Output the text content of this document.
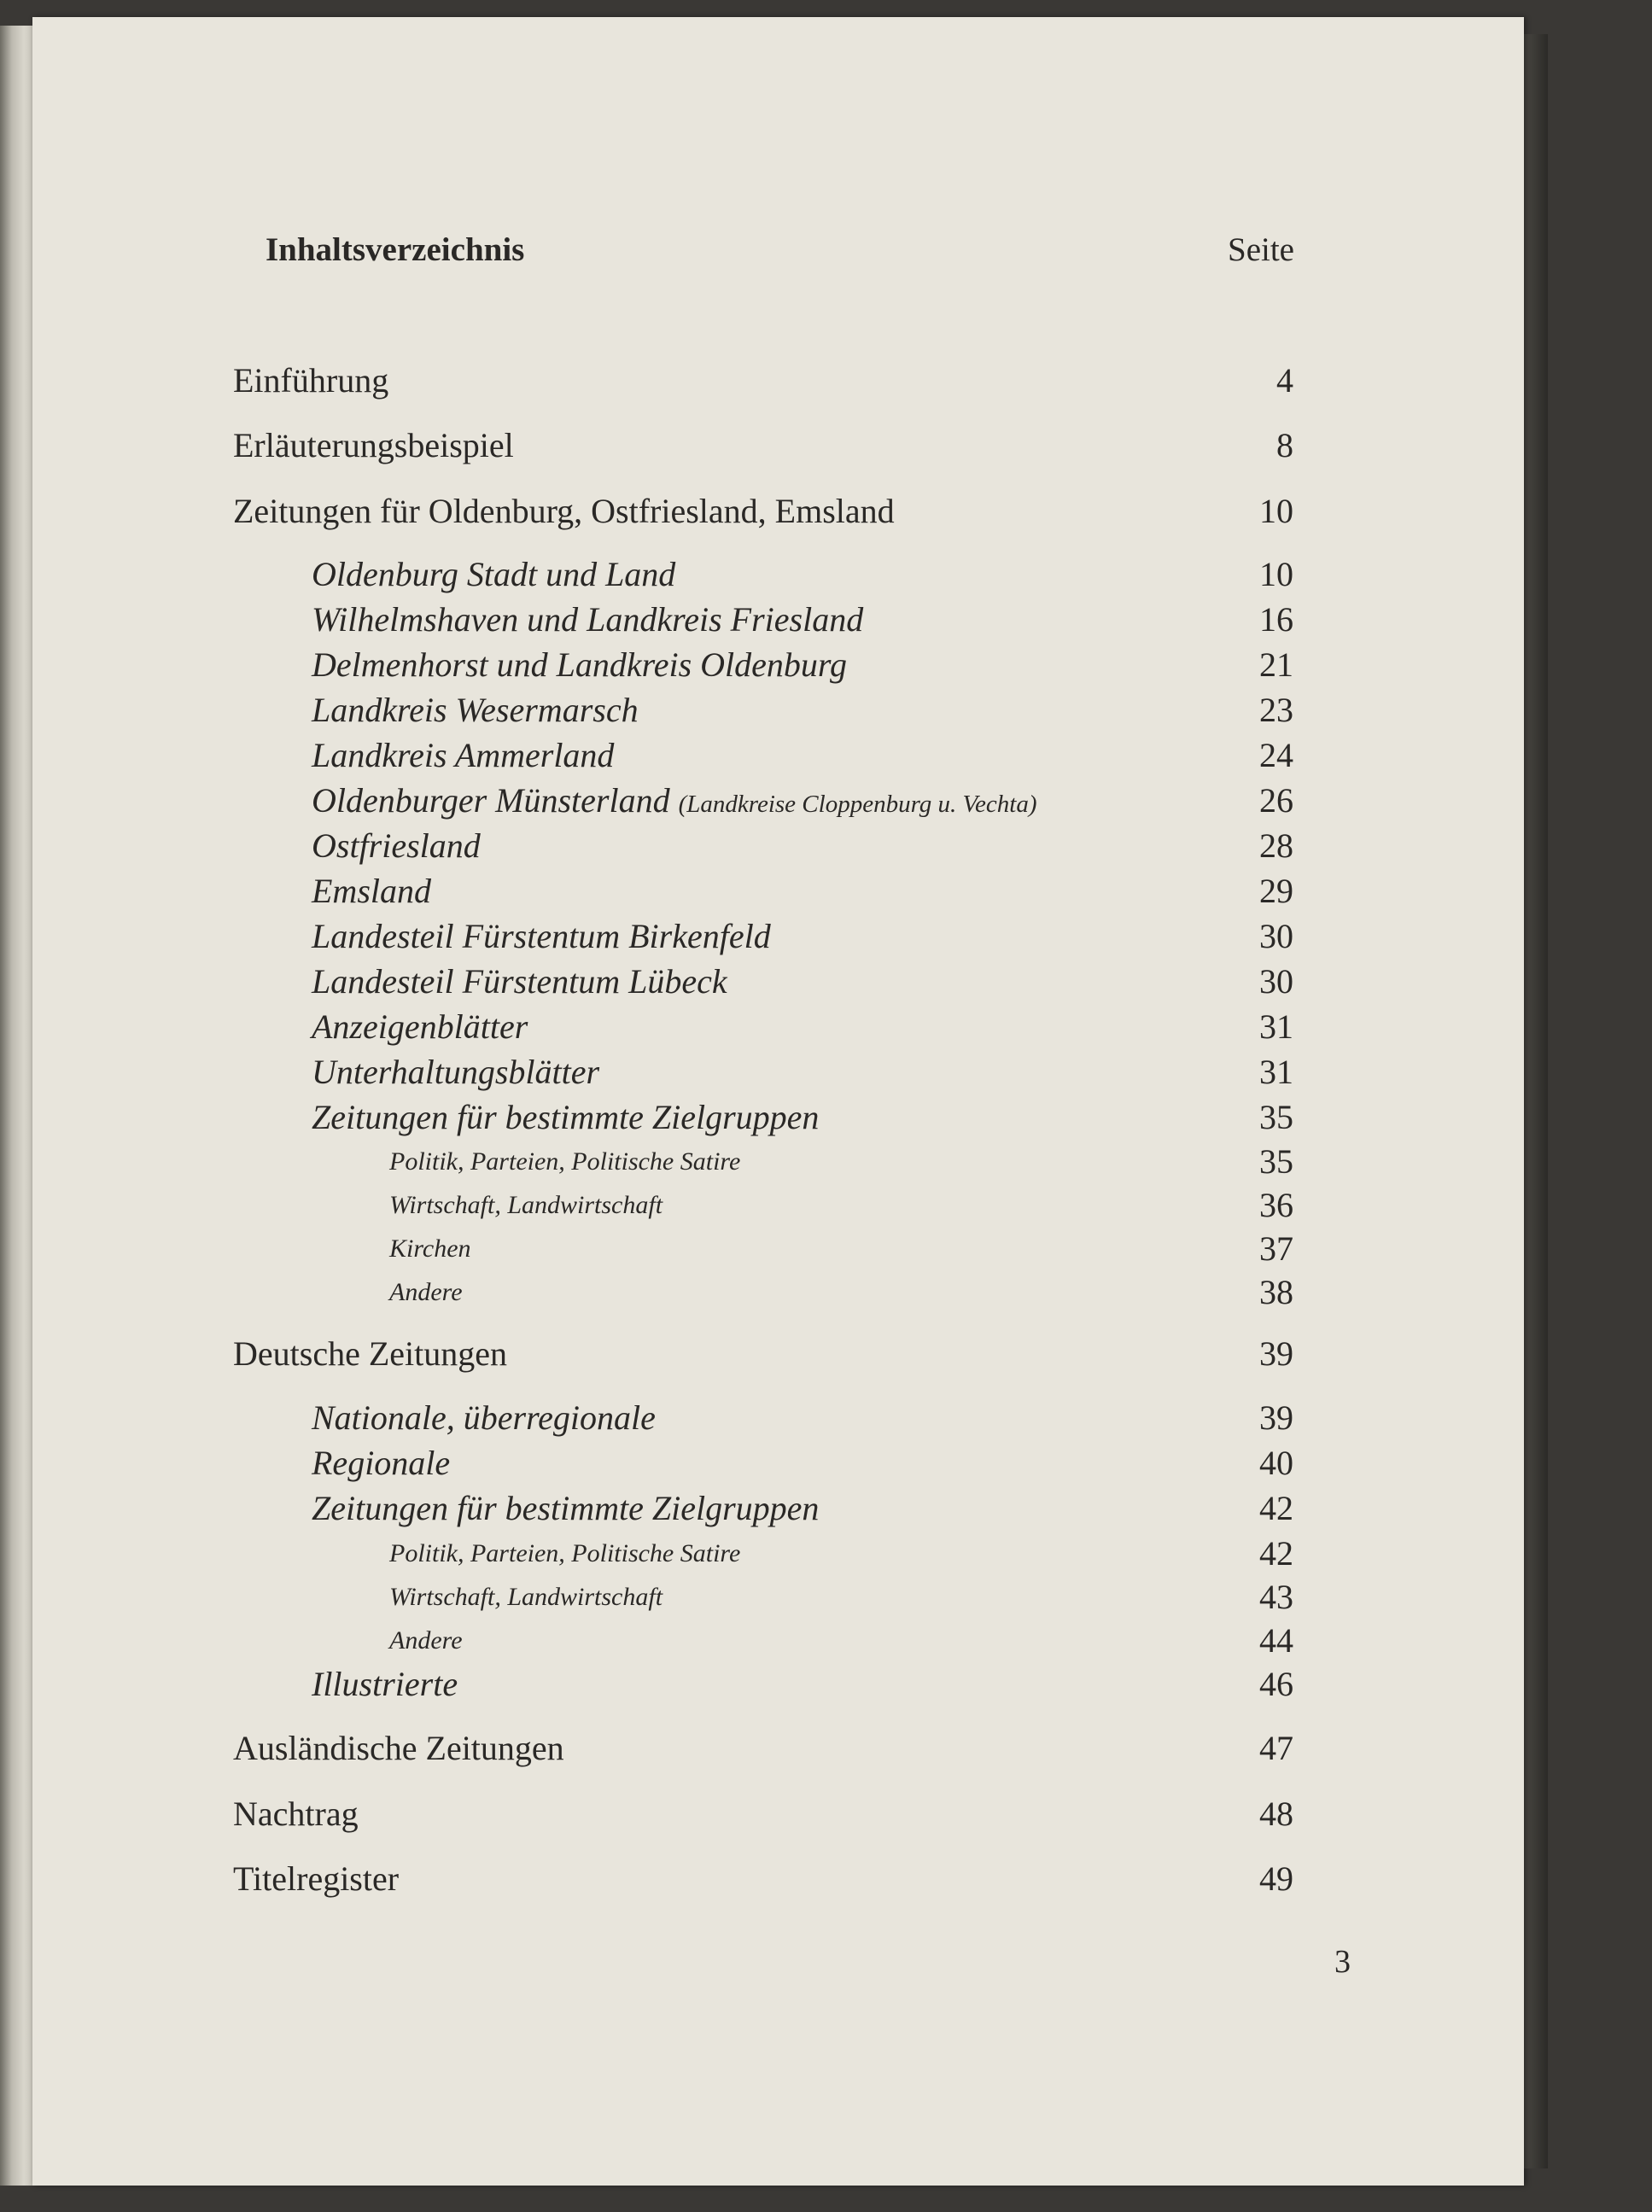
Inhaltsverzeichnis	Seite
Einführung	4
Erläuterungsbeispiel	8
Zeitungen für Oldenburg, Ostfriesland, Emsland	10
Oldenburg Stadt und Land	10
Wilhelmshaven und Landkreis Friesland	16
Delmenhorst und Landkreis Oldenburg	21
Landkreis Wesermarsch	23
Landkreis Ammerland	24
Oldenburger Münsterland (Landkreise Cloppenburg u. Vechta)	26
Ostfriesland	28
Emsland	29
Landesteil Fürstentum Birkenfeld	30
Landesteil Fürstentum Lübeck	30
Anzeigenblätter	31
Unterhaltungsblätter	31
Zeitungen für bestimmte Zielgruppen	35
Politik, Parteien, Politische Satire	35
Wirtschaft, Landwirtschaft	36
Kirchen	37
Andere	38
Deutsche Zeitungen	39
Nationale, überregionale	39
Regionale	40
Zeitungen für bestimmte Zielgruppen	42
Politik, Parteien, Politische Satire	42
Wirtschaft, Landwirtschaft	43
Andere	44
Illustrierte	46
Ausländische Zeitungen	47
Nachtrag	48
Titelregister	49
3
